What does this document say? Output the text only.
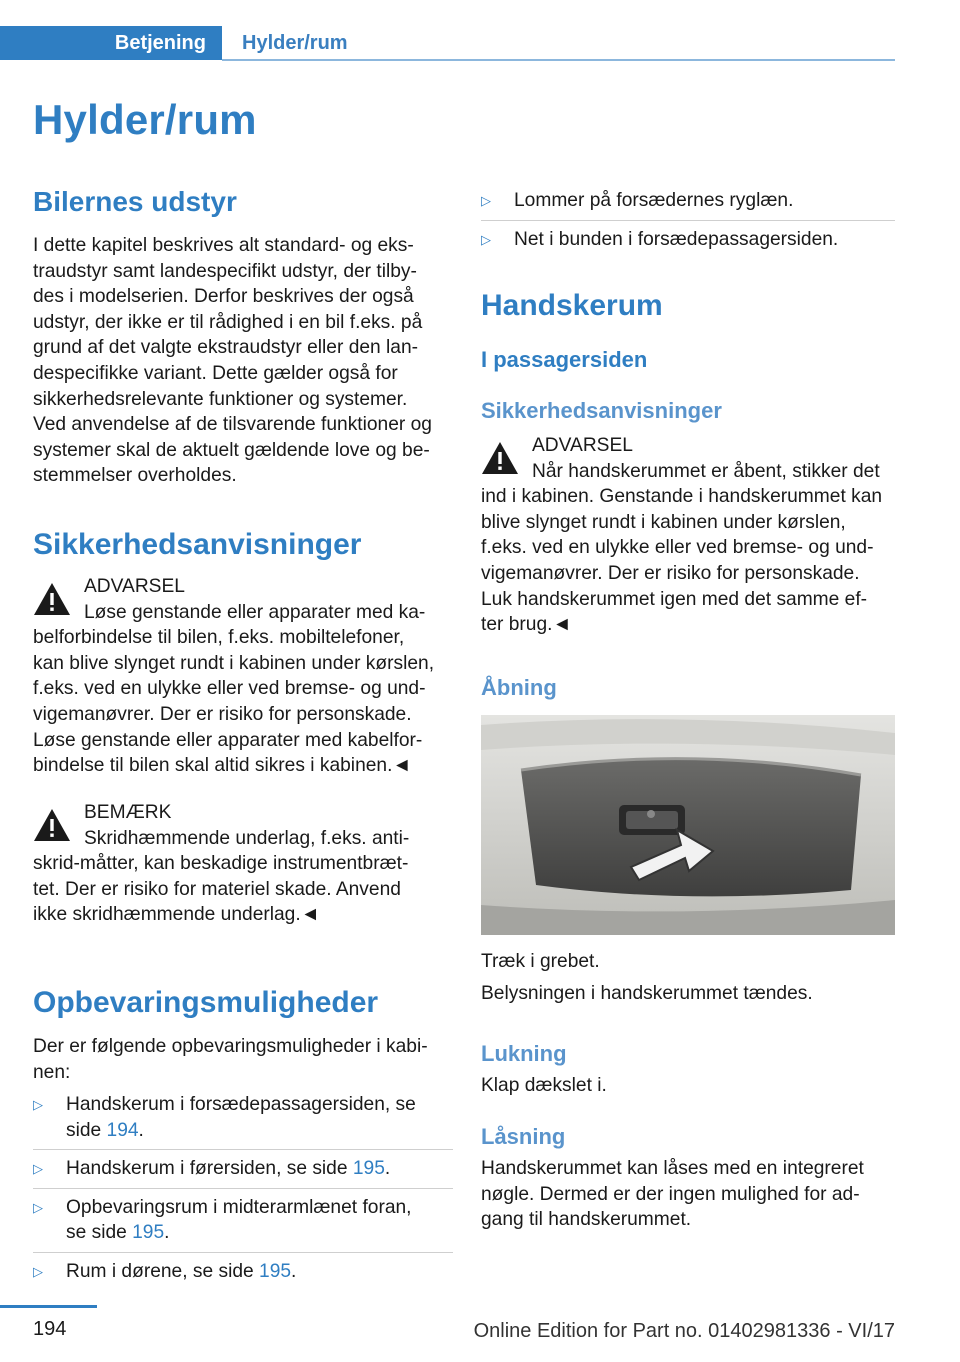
Betjening	Hylder/rum
Hylder/rum
Bilernes udstyr
I dette kapitel beskrives alt standard- og eks-
traudstyr samt landespecifikt udstyr, der tilby-
des i modelserien. Derfor beskrives der også
udstyr, der ikke er til rådighed i en bil f.eks. på
grund af det valgte ekstraudstyr eller den lan-
despecifikke variant. Dette gælder også for
sikkerhedsrelevante funktioner og systemer.
Ved anvendelse af de tilsvarende funktioner og
systemer skal de aktuelt gældende love og be-
stemmelser overholdes.
Sikkerhedsanvisninger
ADVARSEL
Løse genstande eller apparater med ka-
belforbindelse til bilen, f.eks. mobiltelefoner,
kan blive slynget rundt i kabinen under kørslen,
f.eks. ved en ulykke eller ved bremse- og und-
vigemanøvrer. Der er risiko for personskade.
Løse genstande eller apparater med kabelfor-
bindelse til bilen skal altid sikres i kabinen.◄
BEMÆRK
Skridhæmmende underlag, f.eks. anti-
skrid-måtter, kan beskadige instrumentbræt-
tet. Der er risiko for materiel skade. Anvend
ikke skridhæmmende underlag.◄
Opbevaringsmuligheder
Der er følgende opbevaringsmuligheder i kabi-
nen:
▷ Handskerum i forsædepassagersiden, se
side 194.
▷ Handskerum i førersiden, se side 195.
▷ Opbevaringsrum i midterarmlænet foran,
se side 195.
▷ Rum i dørene, se side 195.
▷ Lommer på forsædernes ryglæn.
▷ Net i bunden i forsædepassagersiden.
Handskerum
I passagersiden
Sikkerhedsanvisninger
ADVARSEL
Når handskerummet er åbent, stikker det
ind i kabinen. Genstande i handskerummet kan
blive slynget rundt i kabinen under kørslen,
f.eks. ved en ulykke eller ved bremse- og und-
vigemanøvrer. Der er risiko for personskade.
Luk handskerummet igen med det samme ef-
ter brug.◄
Åbning
Træk i grebet.
Belysningen i handskerummet tændes.
Lukning
Klap dækslet i.
Låsning
Handskerummet kan låses med en integreret
nøgle. Dermed er der ingen mulighed for ad-
gang til handskerummet.
194	Online Edition for Part no. 01402981336 - VI/17
